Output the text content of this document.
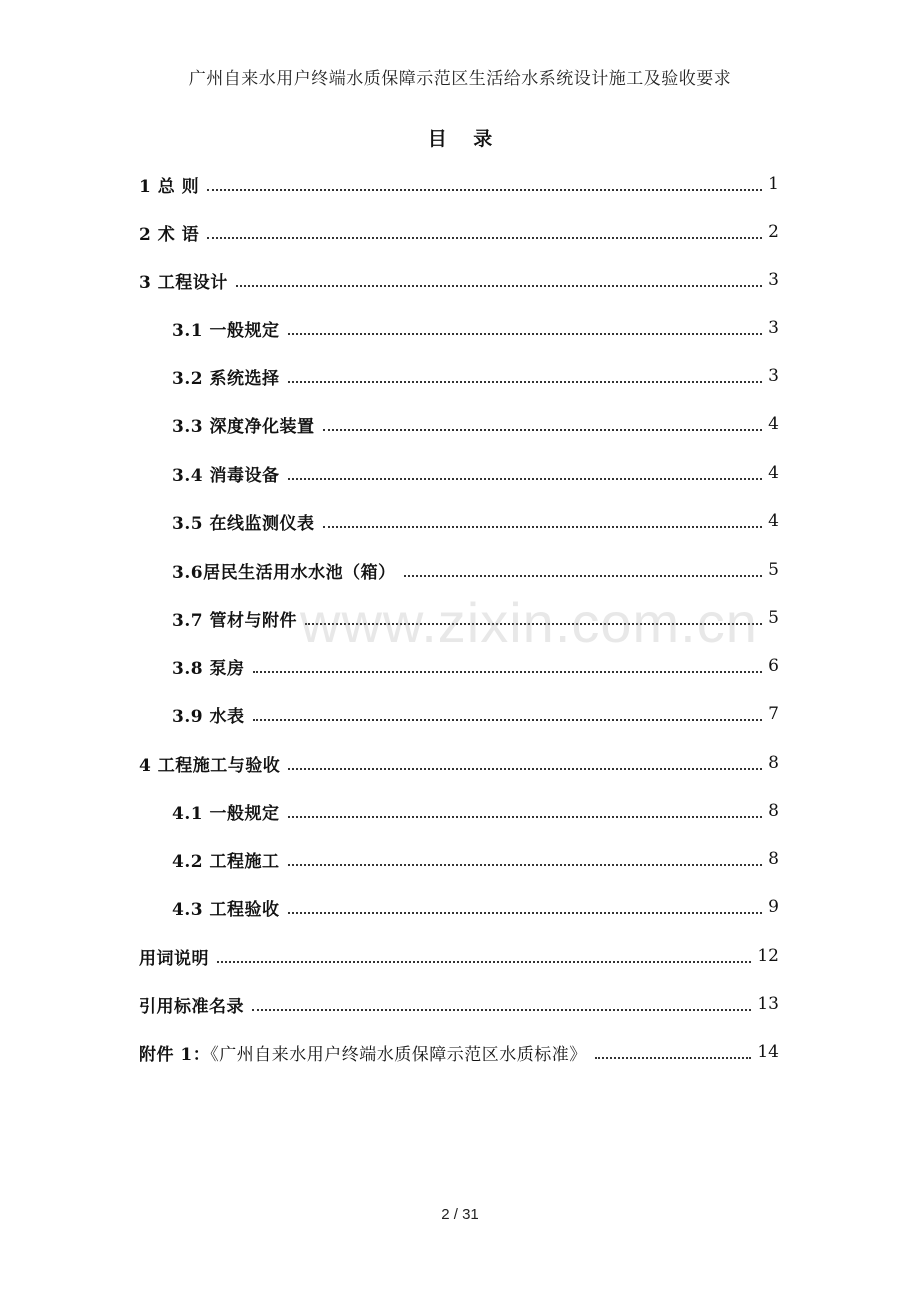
广州自来水用户终端水质保障示范区生活给水系统设计施工及验收要求
目 录
1 总 则	1
2 术 语	2
3 工程设计	3
3.1 一般规定	3
3.2 系统选择	3
3.3 深度净化装置	4
3.4 消毒设备	4
3.5 在线监测仪表	4
3.6居民生活用水水池（箱）	5
3.7 管材与附件	5
3.8 泵房	6
3.9 水表	7
4 工程施工与验收	8
4.1 一般规定	8
4.2 工程施工	8
4.3 工程验收	9
用词说明	12
引用标准名录	13
附件 1：《广州自来水用户终端水质保障示范区水质标准》	14
www.zixin.com.cn
2 / 31
